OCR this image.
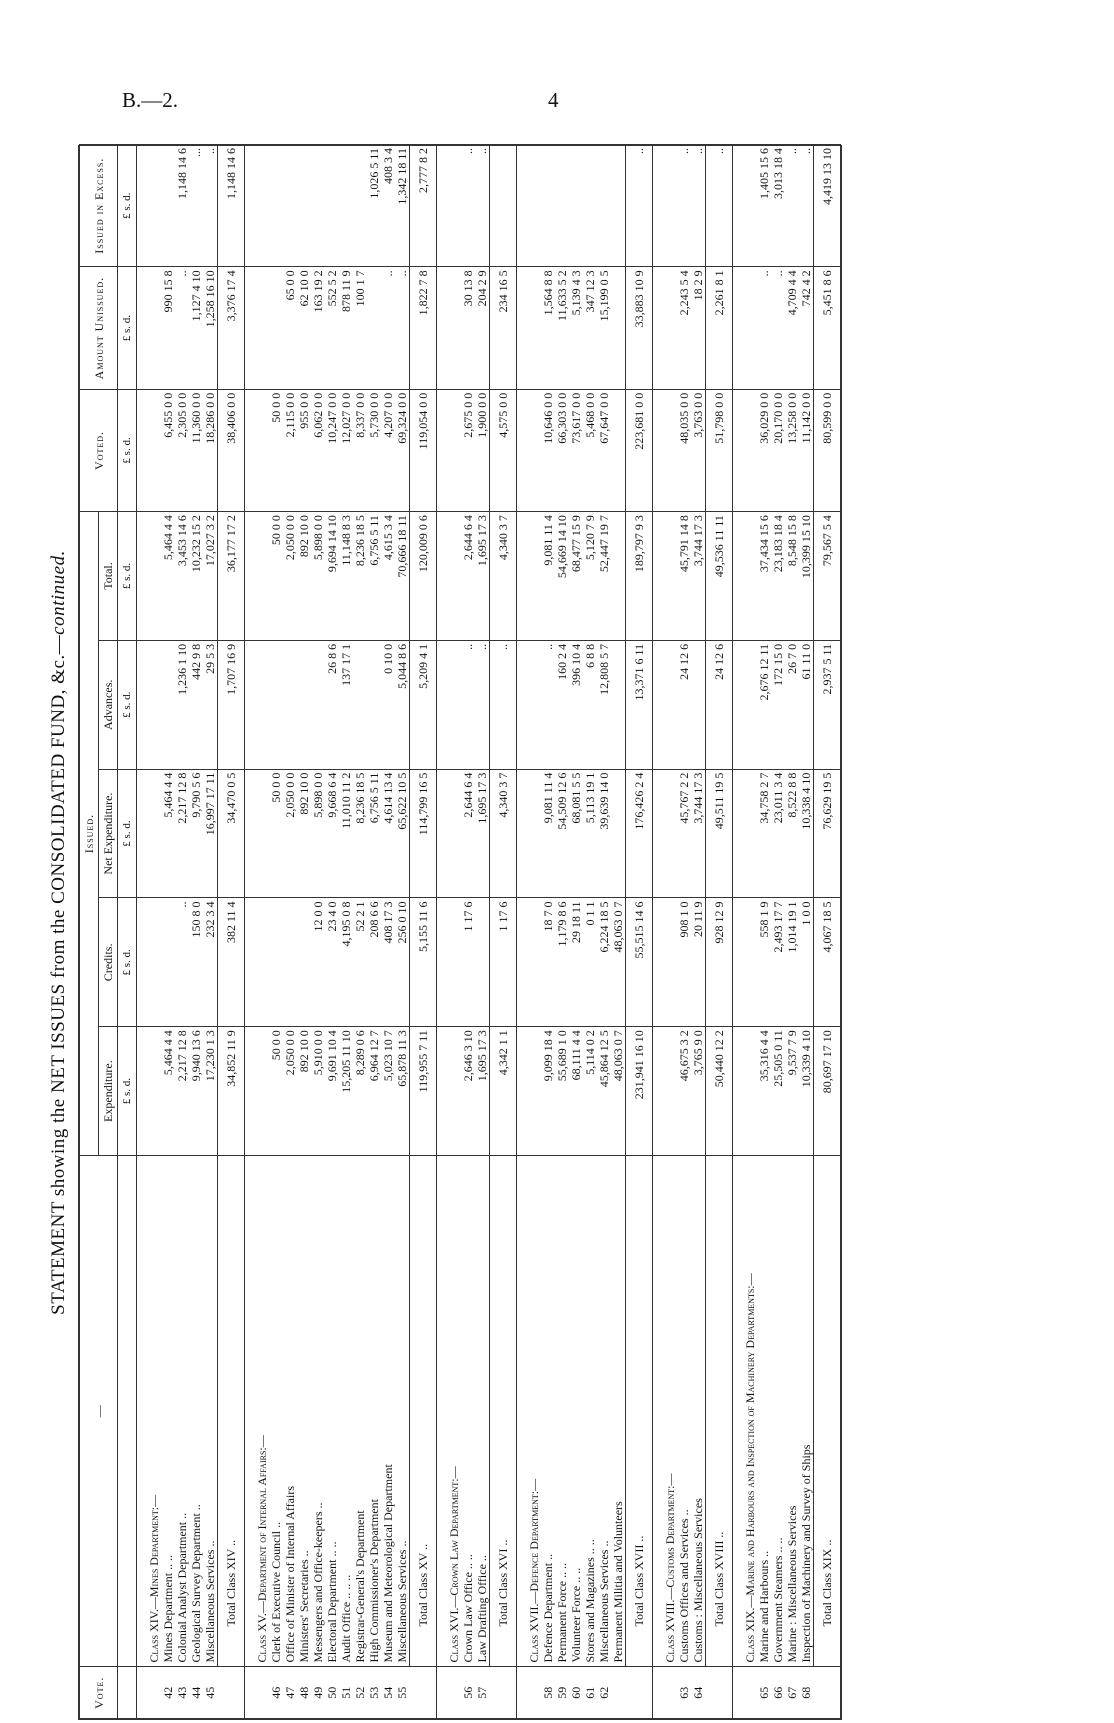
B.—2.	4
STATEMENT showing the NET ISSUES from the CONSOLIDATED FUND, &c.—continued.
Vote.	—	Issued.					Voted.	Amount Unissued.	Issued in Excess.
		Expenditure.	Credits.	Net Expenditure.	Advances.	Total.			
		£ s. d.	£ s. d.	£ s. d.	£ s. d.	£ s. d.	£ s. d.	£ s. d.	£ s. d.
	Class XIV.—Mines Department:—								
42	Mines Department .. ..	5,464 4 4		5,464 4 4		5,464 4 4	6,455 0 0	990 15 8	
43	Colonial Analyst Department ..	2,217 12 8	..	2,217 12 8	1,236 1 10	3,453 14 6	2,305 0 0	..	1,148 14 6
44	Geological Survey Department ..	9,940 13 6	150 8 0	9,790 5 6	442 9 8	10,232 15 2	11,360 0 0	1,127 4 10	...
45	Miscellaneous Services ..	17,230 1 3	232 3 4	16,997 17 11	29 5 3	17,027 3 2	18,286 0 0	1,258 16 10	..
	Total Class XIV ..	34,852 11 9	382 11 4	34,470 0 5	1,707 16 9	36,177 17 2	38,406 0 0	3,376 17 4	1,148 14 6
	Class XV.—Department of Internal Affairs:—								
46	Clerk of Executive Council ..	50 0 0		50 0 0		50 0 0	50 0 0		
47	Office of Minister of Internal Affairs	2,050 0 0		2,050 0 0		2,050 0 0	2,115 0 0	65 0 0	
48	Ministers' Secretaries ..	892 10 0		892 10 0		892 10 0	955 0 0	62 10 0	
49	Messengers and Office-keepers ..	5,910 0 0	12 0 0	5,898 0 0		5,898 0 0	6,062 0 0	163 19 2	
50	Electoral Department .. ..	9,691 10 4	23 4 0	9,668 6 4	26 8 6	9,694 14 10	10,247 0 0	552 5 2	
51	Audit Office .. .. ..	15,205 11 10	4,195 0 8	11,010 11 2	137 17 1	11,148 8 3	12,027 0 0	878 11 9	
52	Registrar-General's Department	8,289 0 6	52 2 1	8,236 18 5		8,236 18 5	8,337 0 0	100 1 7	
53	High Commissioner's Department	6,964 12 7	208 6 6	6,756 5 11		6,756 5 11	5,730 0 0		1,026 5 11
54	Museum and Meteorological Department	5,023 10 7	408 17 3	4,614 13 4	0 10 0	4,615 3 4	4,207 0 0	..	408 3 4
55	Miscellaneous Services ..	65,878 11 3	256 0 10	65,622 10 5	5,044 8 6	70,666 18 11	69,324 0 0	..	1,342 18 11
	Total Class XV ..	119,955 7 11	5,155 11 6	114,799 16 5	5,209 4 1	120,009 0 6	119,054 0 0	1,822 7 8	2,777 8 2
	Class XVI.—Crown Law Department:—								
56	Crown Law Office .. ..	2,646 3 10	1 17 6	2,644 6 4	..	2,644 6 4	2,675 0 0	30 13 8	..
57	Law Drafting Office ..	1,695 17 3		1,695 17 3	..	1,695 17 3	1,900 0 0	204 2 9	..
	Total Class XVI ..	4,342 1 1	1 17 6	4,340 3 7	..	4,340 3 7	4,575 0 0	234 16 5	
	Class XVII.—Defence Department:—								
58	Defence Department ..	9,099 18 4	18 7 0	9,081 11 4	..	9,081 11 4	10,646 0 0	1,564 8 8	
59	Permanent Force .. ..	55,689 1 0	1,179 8 6	54,509 12 6	160 2 4	54,669 14 10	66,303 0 0	11,633 5 2	
60	Volunteer Force .. ..	68,111 4 4	29 18 11	68,081 5 5	396 10 4	68,477 15 9	73,617 0 0	5,139 4 3	
61	Stores and Magazines .. ..	5,114 0 2	0 1 1	5,113 19 1	6 8 8	5,120 7 9	5,468 0 0	347 12 3	
62	Miscellaneous Services ..	45,864 12 5	6,224 18 5	39,639 14 0	12,808 5 7	52,447 19 7	67,647 0 0	15,199 0 5	
	Permanent Militia and Volunteers	48,063 0 7	48,063 0 7						
	Total Class XVII ..	231,941 16 10	55,515 14 6	176,426 2 4	13,371 6 11	189,797 9 3	223,681 0 0	33,883 10 9	..
	Class XVIII.—Customs Department:—								
63	Customs Offices and Services ..	46,675 3 2	908 1 0	45,767 2 2	24 12 6	45,791 14 8	48,035 0 0	2,243 5 4	..
64	Customs : Miscellaneous Services	3,765 9 0	20 11 9	3,744 17 3		3,744 17 3	3,763 0 0	18 2 9	..
	Total Class XVIII ..	50,440 12 2	928 12 9	49,511 19 5	24 12 6	49,536 11 11	51,798 0 0	2,261 8 1	..
	Class XIX.—Marine and Harbours and Inspection of Machinery Departments:—								
65	Marine and Harbours ..	35,316 4 4	558 1 9	34,758 2 7	2,676 12 11	37,434 15 6	36,029 0 0	..	1,405 15 6
66	Government Steamers .. ..	25,505 0 11	2,493 17 7	23,011 3 4	172 15 0	23,183 18 4	20,170 0 0	..	3,013 18 4
67	Marine : Miscellaneous Services	9,537 7 9	1,014 19 1	8,522 8 8	26 7 0	8,548 15 8	13,258 0 0	4,709 4 4	..
68	Inspection of Machinery and Survey of Ships	10,339 4 10	1 0 0	10,338 4 10	61 11 0	10,399 15 10	11,142 0 0	742 4 2	..
	Total Class XIX ..	80,697 17 10	4,067 18 5	76,629 19 5	2,937 5 11	79,567 5 4	80,599 0 0	5,451 8 6	4,419 13 10
